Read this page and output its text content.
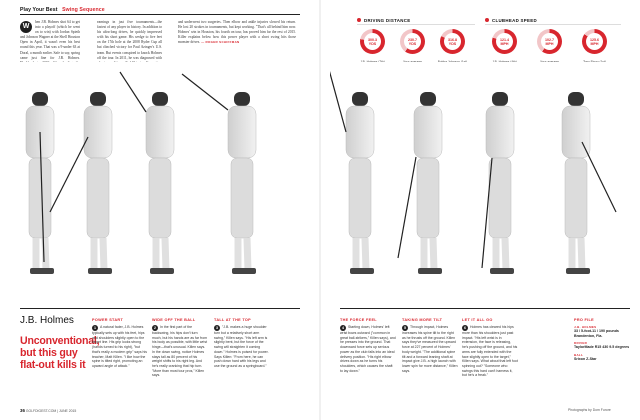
Play Your Best Swing Sequence
W
hen J.B. Holmes shot 64 to get into a playoff (which he went on to win) with Jordan Spieth and Johnson Wagner at the Shell Houston Open in April, it wasn't even his best round this year. That was a 9-under 63 at Doral, a month earlier. Safe to say, spring came just fine for J.B. Holmes.
earnings in just five tournaments—the fastest of any player in history. In addition to his ultra-long drives, he quickly impressed with his short game. His wedge to five feet on the 17th hole at the 2008 Ryder Cup all but clinched victory for Paul Azinger's U.S. team. But events conspired to knock Holmes off the tour. In 2011, he was diagnosed with
and underwent two surgeries. Then elbow and ankle injuries slowed his return. He lost 20 strokes in tournaments, but kept working. "That's all behind him now. Holmes' win in Houston, his fourth on tour, has proved him far the rest of 2015. Killer explains below how this power player with a short swing hits those monster drives. — ROGER SCHIFFMAN
DRIVING DISTANCE	CLUBHEAD SPEED
300.3
YDS
230.7
YDS
316.8
YDS
121.4
MPH
102.7
MPH
125.6
MPH
J.B. Holmes
Unconventional, but this guy flat-out kills it
POWER START
1 A natural fader, J.B. Holmes typically sets up with his feet, hips and shoulders slightly open to the target line. His grip looks strong (hands turned to his right), "but that's really a modern grip" says his teacher, Matt Killen. "I like how the spine is tilted right, promoting an upward angle of attack."
WIDE OFF THE BALL
2 In the first part of the backswing, his hips don't turn much, but his hands are as far from his body as possible, with little wrist hinge—that's unusual. Killen says. In the down swing, notice Holmes stays tall as 80 percent of his weight shifts to his right leg. And he's really cranking that hip turn. "More than most tour pros," Killen says.
TALL AT THE TOP
3 "J.B. makes a huge shoulder turn but a relatively short arm swing," Killen says. "His left arm is slightly bent, but the force of the swing will straighten it coming down." Holmes is poised for power. Says Killen: "From here, he can push down hard with his legs and use the ground as a springboard."
THE FORCE FEEL
4 Starting down, Holmes' left wrist bows outward ("common in great ball-strikers," Killen says), and he presses into the ground. That downward force sets up serious power as the club falls into an ideal delivery position. "His right elbow drives down as he turns his shoulders, which causes the shaft to lay down."
TAKING MORE TILT
5 Through impact, Holmes increases his spine tilt to the right as he thrusts off the ground. Killen says they've measured the upward force at 227 percent of Holmes' body weight. "The additional spine tilt and a forward leaning shaft at impact give J.B. a high launch with lower spin for more distance," Killen says.
LET IT ALL GO
6 Holmes has cleared his hips more than his shoulders just past impact. "His left wrist is in extension, the face is releasing, he's pushing off the ground, and his arms are fully extended with the face slightly open to the target," Killen says. What about that left foot spinning out? "Someone who swings this hard can't harness it, but he's a freak."
PRO FILE
J.B. HOLMES
33 / 5-foot-11 / 190 pounds Brandenton, Fla.
DRIVER
TaylorMade R15 430 9.5 degrees
BALL
Srixon Z-Star
36 GOLFDIGEST.COM | JUNE 2015	Photographs by Dom Furore
